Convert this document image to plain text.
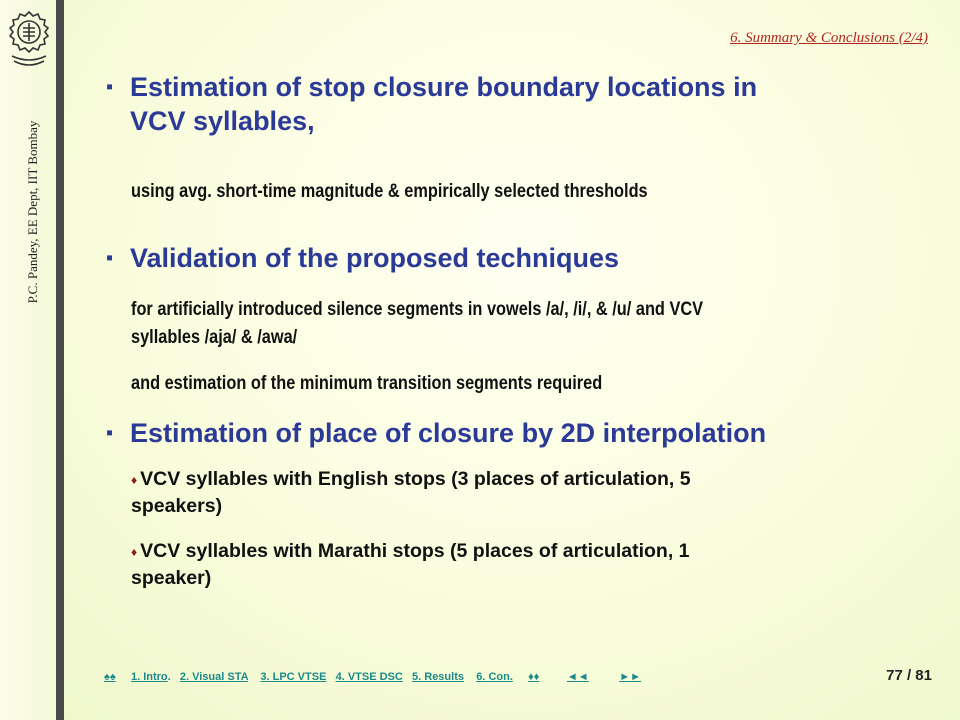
P.C. Pandey, EE Dept, IIT Bombay
6. Summary & Conclusions (2/4)
▪ Estimation of stop closure boundary locations in
VCV syllables,
using avg. short-time magnitude & empirically selected thresholds
▪ Validation of the proposed techniques
for artificially introduced silence segments in vowels /a/, /i/, & /u/ and VCV
syllables /aja/ & /awa/
and estimation of the minimum transition segments required
▪ Estimation of place of closure by 2D interpolation
♦ VCV syllables with English stops (3 places of articulation, 5
speakers)
♦ VCV syllables with Marathi stops (5 places of articulation, 1
speaker)
♠♠ 1. Intro. 2. Visual STA 3. LPC VTSE 4. VTSE DSC 5. Results 6. Con. ♦♦	◄◄	►►	77 / 81
